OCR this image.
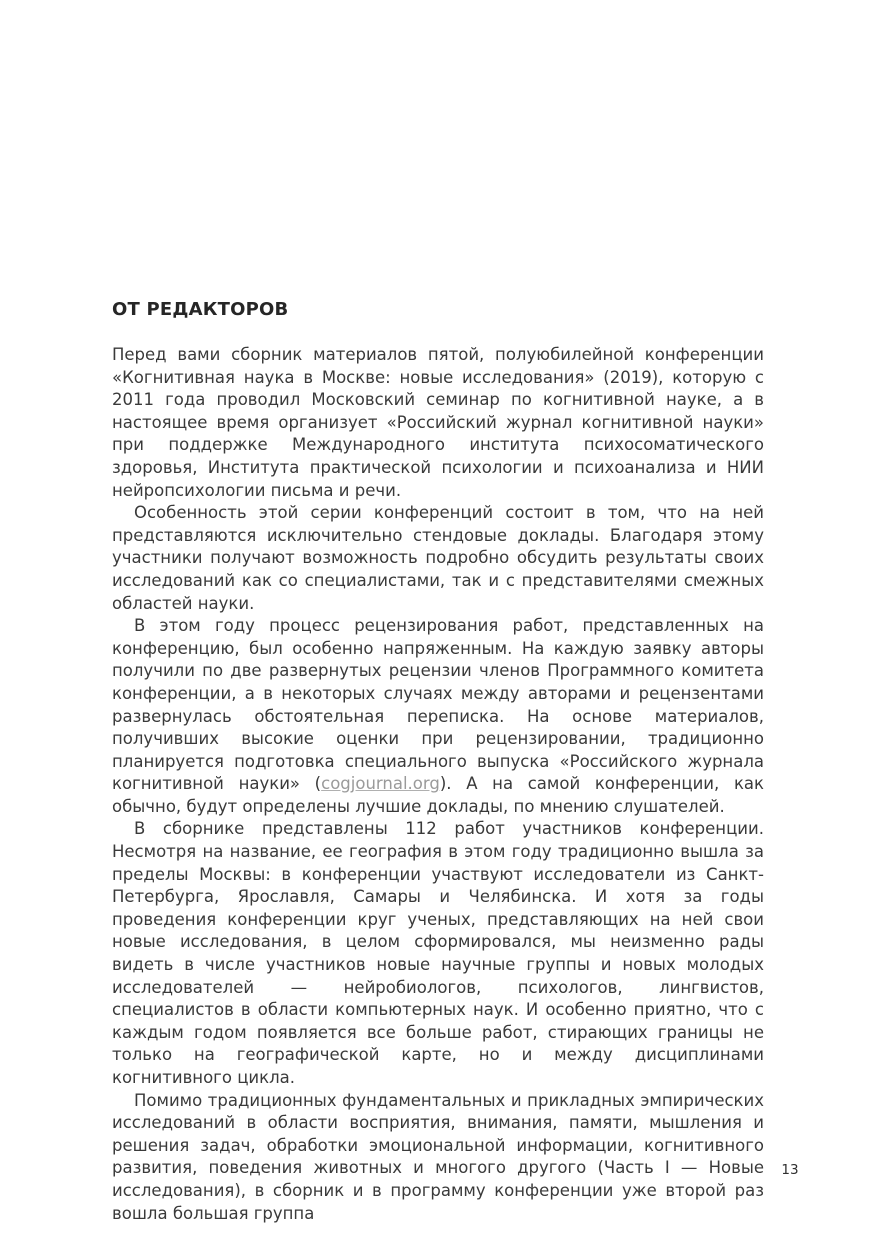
ОТ РЕДАКТОРОВ

Перед вами сборник материалов пятой, полуюбилейной конференции «Когнитивная наука в Москве: новые исследования» (2019), которую с 2011 года проводил Московский семинар по когнитивной науке, а в настоящее время организует «Российский журнал когнитивной науки» при поддержке Международного института психосоматического здоровья, Института практической психологии и психоанализа и НИИ нейропсихологии письма и речи.

Особенность этой серии конференций состоит в том, что на ней представляются исключительно стендовые доклады. Благодаря этому участники получают возможность подробно обсудить результаты своих исследований как со специалистами, так и с представителями смежных областей науки.

В этом году процесс рецензирования работ, представленных на конференцию, был особенно напряженным. На каждую заявку авторы получили по две развернутых рецензии членов Программного комитета конференции, а в некоторых случаях между авторами и рецензентами развернулась обстоятельная переписка. На основе материалов, получивших высокие оценки при рецензировании, традиционно планируется подготовка специального выпуска «Российского журнала когнитивной науки» (cogjournal.org). А на самой конференции, как обычно, будут определены лучшие доклады, по мнению слушателей.

В сборнике представлены 112 работ участников конференции. Несмотря на название, ее география в этом году традиционно вышла за пределы Москвы: в конференции участвуют исследователи из Санкт-Петербурга, Ярославля, Самары и Челябинска. И хотя за годы проведения конференции круг ученых, представляющих на ней свои новые исследования, в целом сформировался, мы неизменно рады видеть в числе участников новые научные группы и новых молодых исследователей — нейробиологов, психологов, лингвистов, специалистов в области компьютерных наук. И особенно приятно, что с каждым годом появляется все больше работ, стирающих границы не только на географической карте, но и между дисциплинами когнитивного цикла.

Помимо традиционных фундаментальных и прикладных эмпирических исследований в области восприятия, внимания, памяти, мышления и решения задач, обработки эмоциональной информации, когнитивного развития, поведения животных и многого другого (Часть I — Новые исследования), в сборник и в программу конференции уже второй раз вошла большая группа

13
